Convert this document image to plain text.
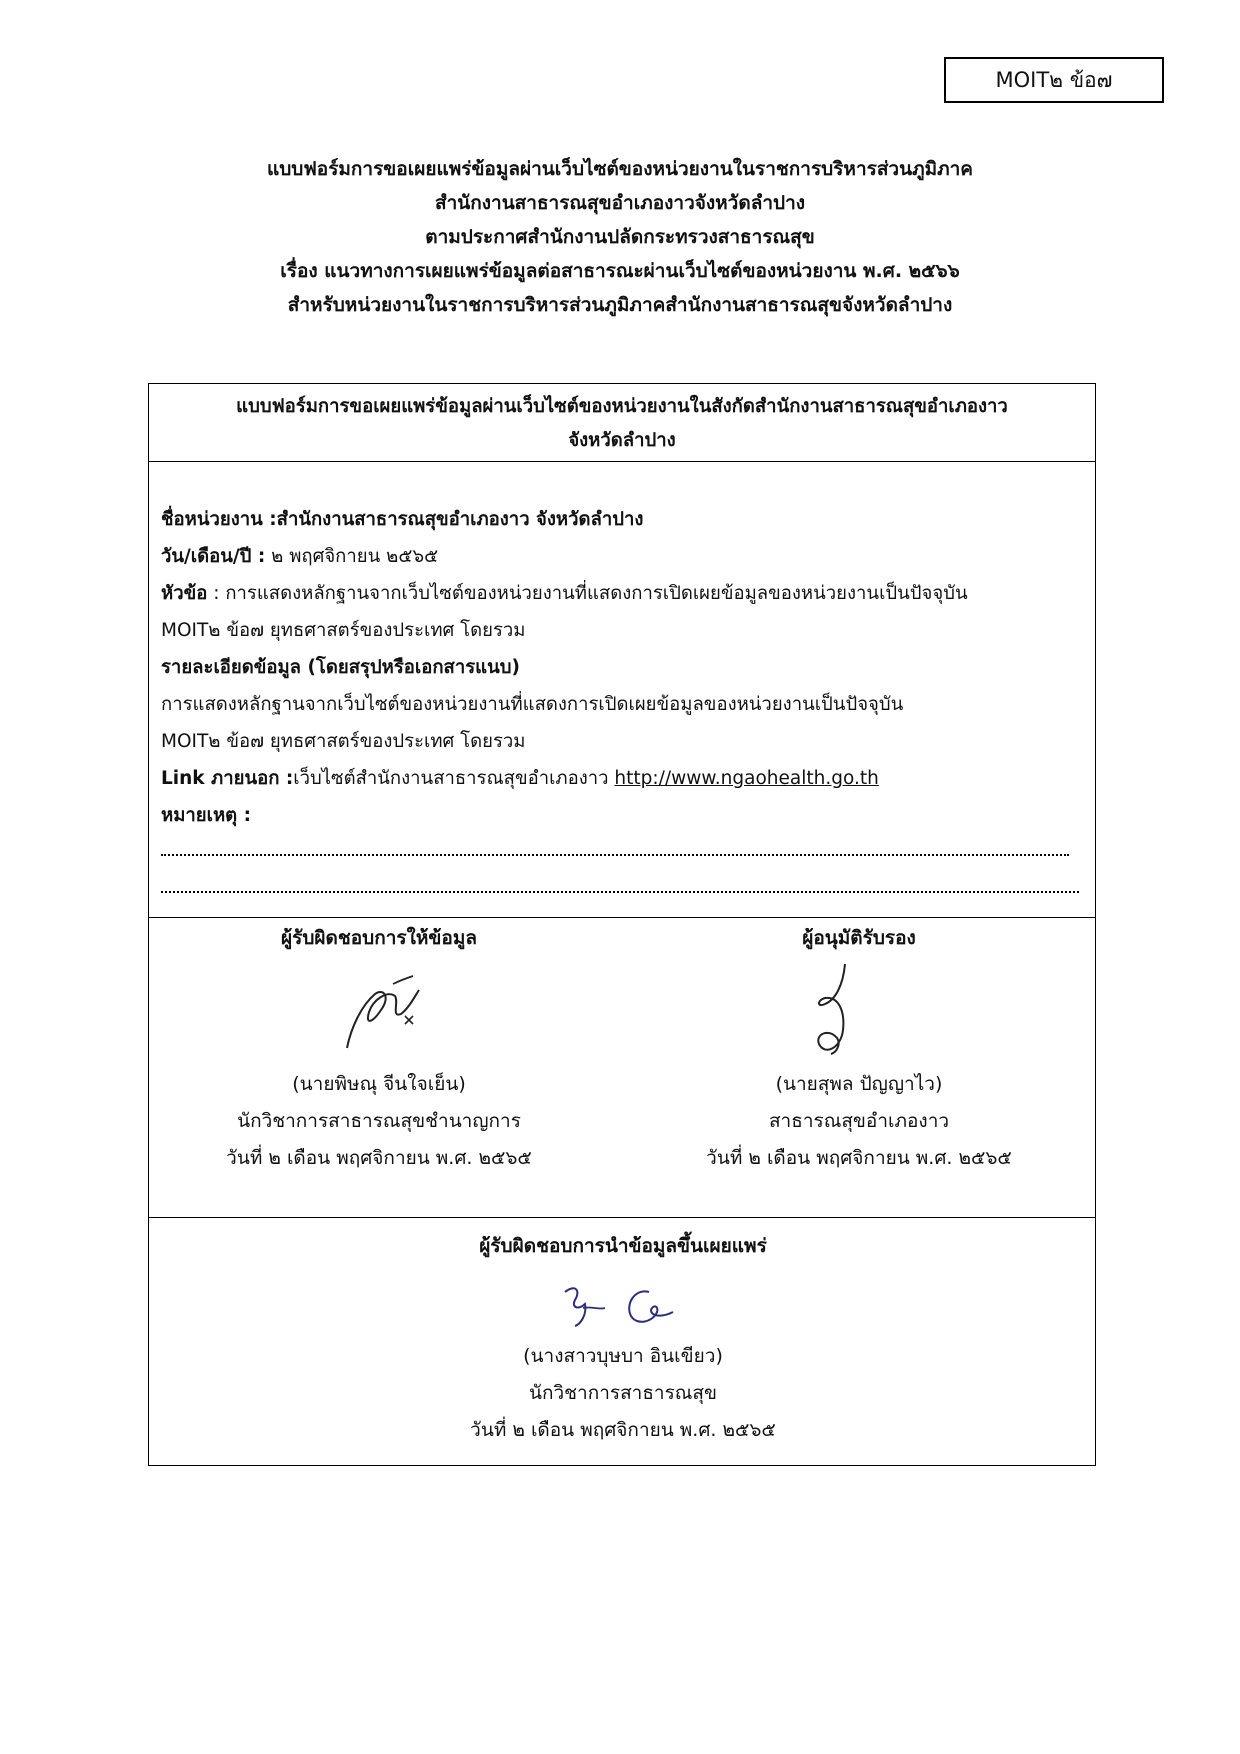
MOIT๒ ข้อ๗
แบบฟอร์มการขอเผยแพร่ข้อมูลผ่านเว็บไซต์ของหน่วยงานในราชการบริหารส่วนภูมิภาค
สำนักงานสาธารณสุขอำเภองาวจังหวัดลำปาง
ตามประกาศสำนักงานปลัดกระทรวงสาธารณสุข
เรื่อง แนวทางการเผยแพร่ข้อมูลต่อสาธารณะผ่านเว็บไซต์ของหน่วยงาน พ.ศ. ๒๕๖๖
สำหรับหน่วยงานในราชการบริหารส่วนภูมิภาคสำนักงานสาธารณสุขจังหวัดลำปาง
แบบฟอร์มการขอเผยแพร่ข้อมูลผ่านเว็บไซต์ของหน่วยงานในสังกัดสำนักงานสาธารณสุขอำเภองาว
จังหวัดลำปาง
ชื่อหน่วยงาน :สำนักงานสาธารณสุขอำเภองาว จังหวัดลำปาง
วัน/เดือน/ปี : ๒ พฤศจิกายน ๒๕๖๕
หัวข้อ : การแสดงหลักฐานจากเว็บไซต์ของหน่วยงานที่แสดงการเปิดเผยข้อมูลของหน่วยงานเป็นปัจจุบัน
MOIT๒ ข้อ๗ ยุทธศาสตร์ของประเทศ โดยรวม
รายละเอียดข้อมูล (โดยสรุปหรือเอกสารแนบ)
การแสดงหลักฐานจากเว็บไซต์ของหน่วยงานที่แสดงการเปิดเผยข้อมูลของหน่วยงานเป็นปัจจุบัน
MOIT๒ ข้อ๗ ยุทธศาสตร์ของประเทศ โดยรวม
Link ภายนอก :เว็บไซต์สำนักงานสาธารณสุขอำเภองาว http://www.ngaohealth.go.th
หมายเหตุ :
ผู้รับผิดชอบการให้ข้อมูล
(นายพิษณุ จีนใจเย็น)
นักวิชาการสาธารณสุขชำนาญการ
วันที่ ๒ เดือน พฤศจิกายน พ.ศ. ๒๕๖๕
ผู้อนุมัติรับรอง
(นายสุพล ปัญญาไว)
สาธารณสุขอำเภองาว
วันที่ ๒ เดือน พฤศจิกายน พ.ศ. ๒๕๖๕
ผู้รับผิดชอบการนำข้อมูลขึ้นเผยแพร่
(นางสาวบุษบา อินเขียว)
นักวิชาการสาธารณสุข
วันที่ ๒ เดือน พฤศจิกายน พ.ศ. ๒๕๖๕
